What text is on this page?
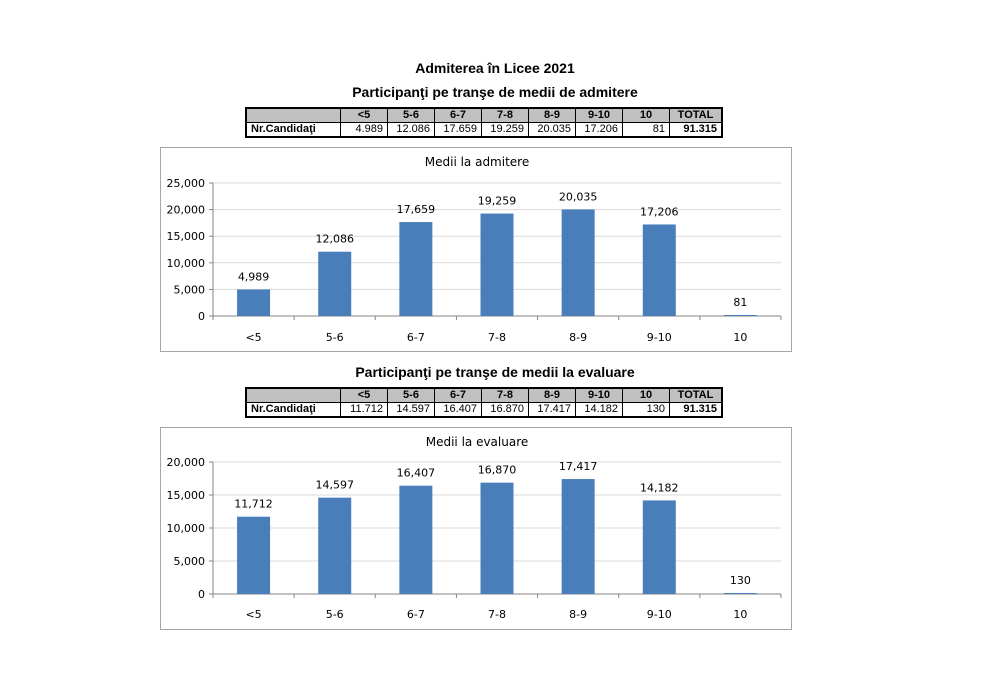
Admiterea în Licee 2021
Participanţi pe tranşe de medii de admitere
	<5	5-6	6-7	7-8	8-9	9-10	10	TOTAL
Nr.Candidaţi	4.989	12.086	17.659	19.259	20.035	17.206	81	91.315
Medii la admitere
0
5,000
10,000
15,000
20,000
25,000
4,989
<5
12,086
5-6
17,659
6-7
19,259
7-8
20,035
8-9
17,206
9-10
81
10
Participanţi pe tranşe de medii la evaluare
	<5	5-6	6-7	7-8	8-9	9-10	10	TOTAL
Nr.Candidaţi	11.712	14.597	16.407	16.870	17.417	14.182	130	91.315
Medii la evaluare
0
5,000
10,000
15,000
20,000
11,712
<5
14,597
5-6
16,407
6-7
16,870
7-8
17,417
8-9
14,182
9-10
130
10
